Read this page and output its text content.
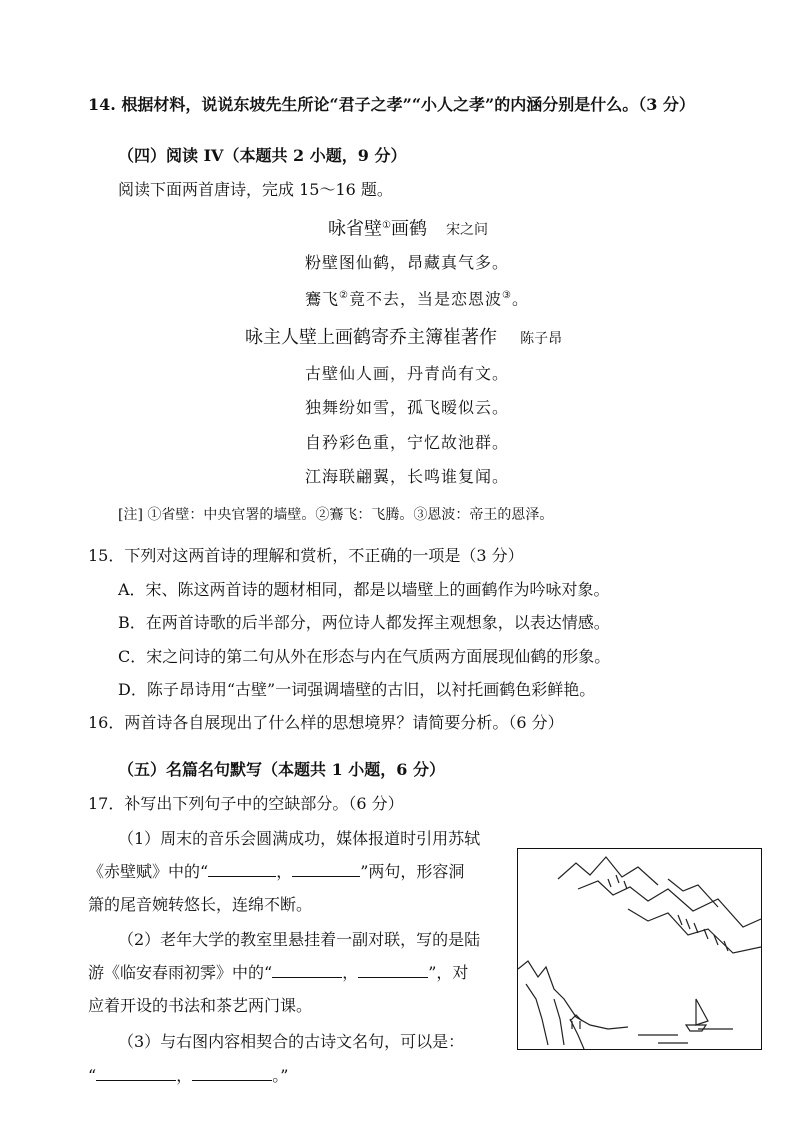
14. 根据材料，说说东坡先生所论“君子之孝”“小人之孝”的内涵分别是什么。（3 分）
（四）阅读 IV（本题共 2 小题，9 分）
阅读下面两首唐诗，完成 15～16 题。
咏省壁①画鹤 宋之问
粉壁图仙鹤，昂藏真气多。
鶱飞②竟不去，当是恋恩波③。
咏主人壁上画鹤寄乔主簿崔著作 陈子昂
古壁仙人画，丹青尚有文。
独舞纷如雪，孤飞暧似云。
自矜彩色重，宁忆故池群。
江海联翩翼，长鸣谁复闻。
[注] ①省壁：中央官署的墙壁。②鶱飞：飞腾。③恩波：帝王的恩泽。
15．下列对这两首诗的理解和赏析，不正确的一项是（3 分）
A．宋、陈这两首诗的题材相同，都是以墙壁上的画鹤作为吟咏对象。
B．在两首诗歌的后半部分，两位诗人都发挥主观想象，以表达情感。
C．宋之问诗的第二句从外在形态与内在气质两方面展现仙鹤的形象。
D．陈子昂诗用“古壁”一词强调墙壁的古旧，以衬托画鹤色彩鲜艳。
16．两首诗各自展现出了什么样的思想境界？请简要分析。（6 分）
（五）名篇名句默写（本题共 1 小题，6 分）
17．补写出下列句子中的空缺部分。（6 分）
（1）周末的音乐会圆满成功，媒体报道时引用苏轼
《赤壁赋》中的“	，	”两句，形容洞
箫的尾音婉转悠长，连绵不断。
（2）老年大学的教室里悬挂着一副对联，写的是陆
游《临安春雨初霁》中的“	，	”，对
应着开设的书法和茶艺两门课。
（3）与右图内容相契合的古诗文名句，可以是：
“	，	。”
